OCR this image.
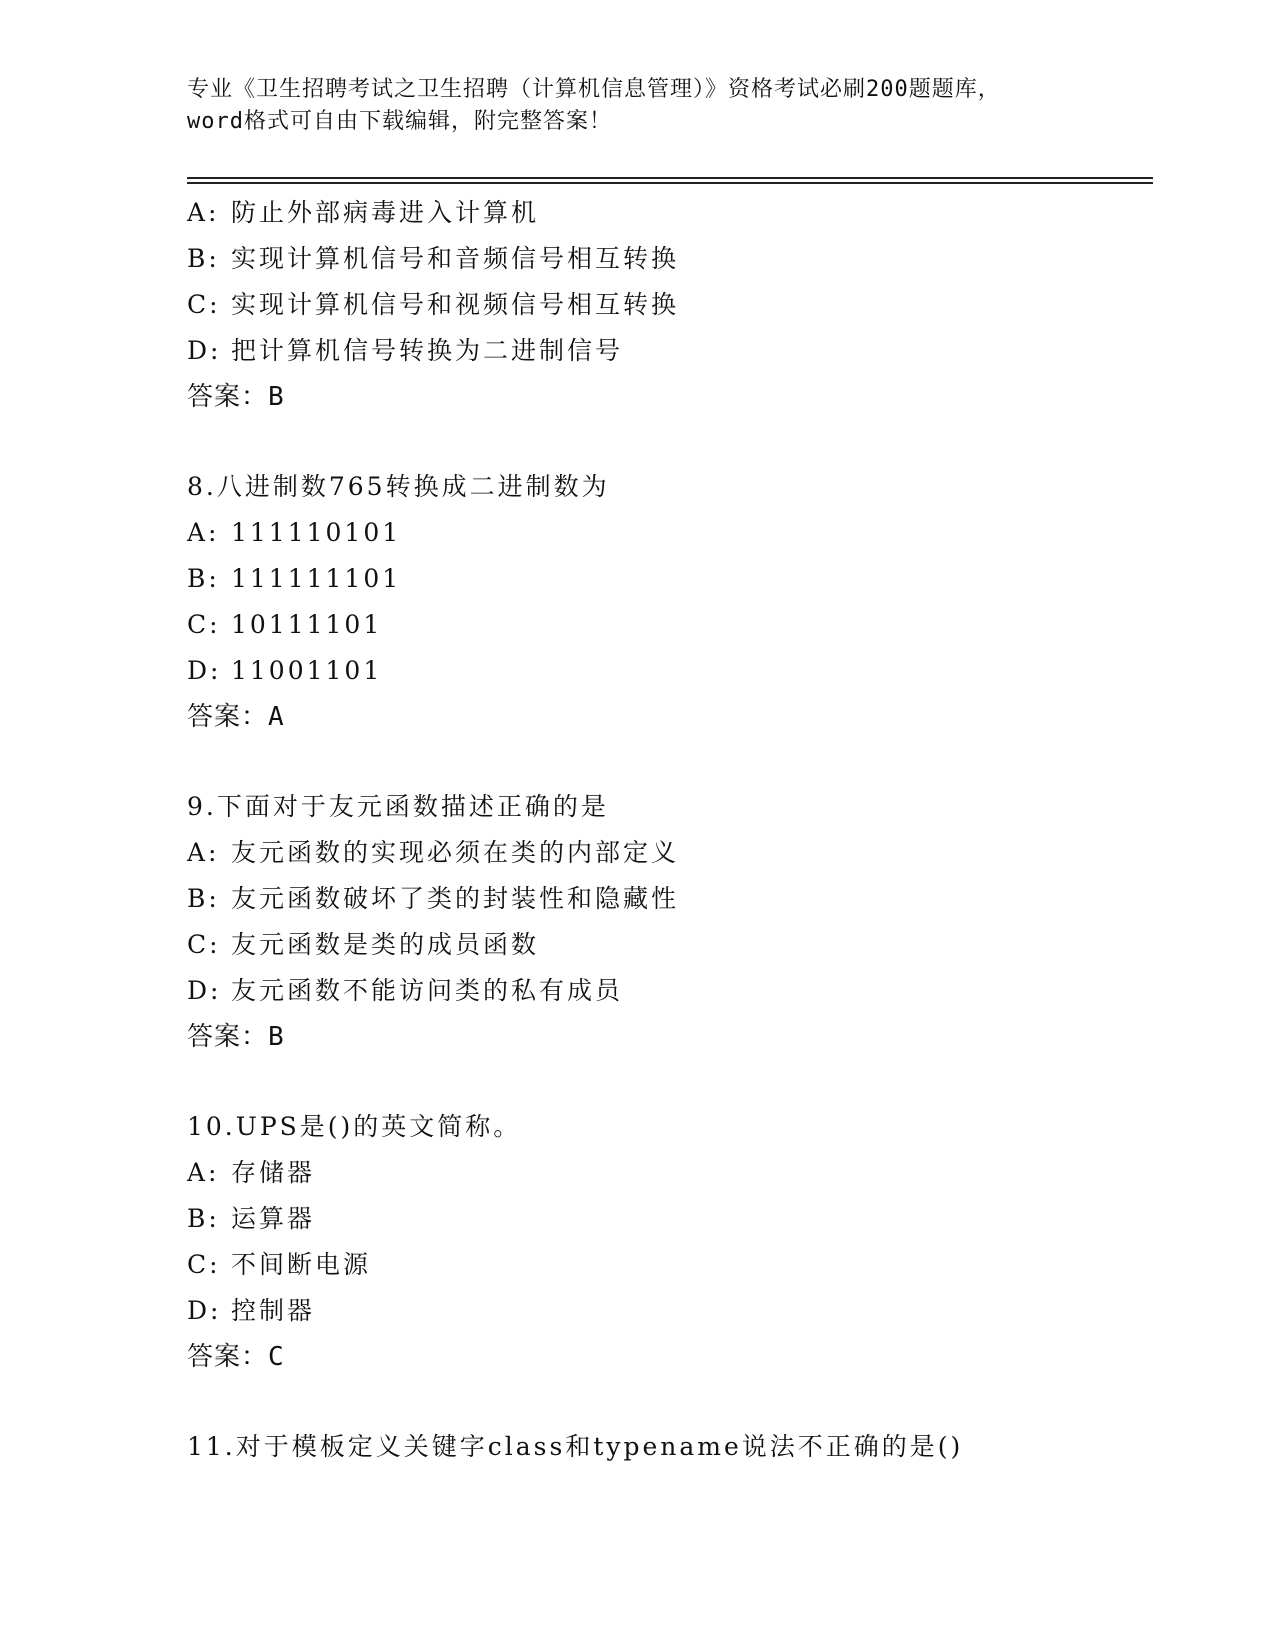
专业《卫生招聘考试之卫生招聘（计算机信息管理）》资格考试必刷200题题库，
word格式可自由下载编辑，附完整答案！
A: 防止外部病毒进入计算机
B: 实现计算机信号和音频信号相互转换
C: 实现计算机信号和视频信号相互转换
D: 把计算机信号转换为二进制信号
答案：B
8.八进制数765转换成二进制数为
A: 111110101
B: 111111101
C: 10111101
D: 11001101
答案：A
9.下面对于友元函数描述正确的是
A: 友元函数的实现必须在类的内部定义
B: 友元函数破坏了类的封装性和隐藏性
C: 友元函数是类的成员函数
D: 友元函数不能访问类的私有成员
答案：B
10.UPS是()的英文简称。
A: 存储器
B: 运算器
C: 不间断电源
D: 控制器
答案：C
11.对于模板定义关键字class和typename说法不正确的是()
